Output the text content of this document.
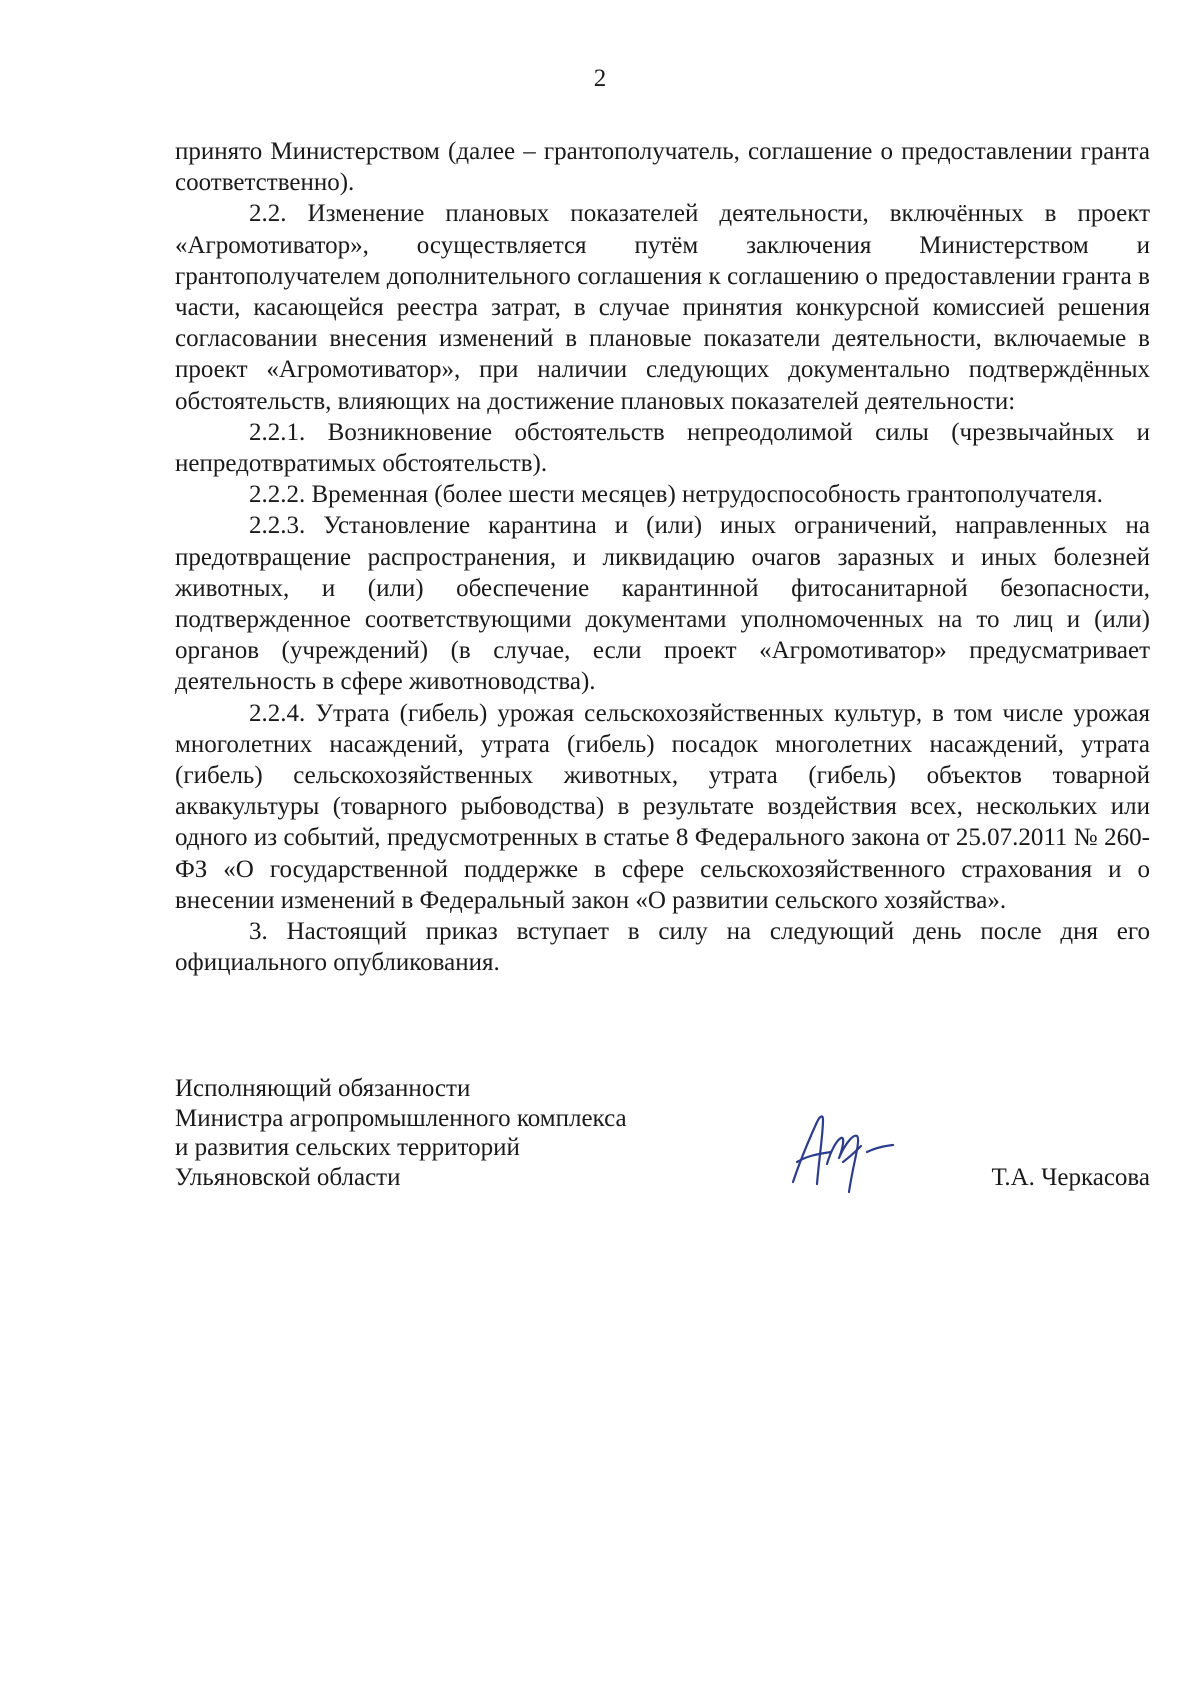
2

принято Министерством (далее – грантополучатель, соглашение о предоставлении гранта соответственно).

2.2. Изменение плановых показателей деятельности, включённых в проект «Агромотиватор», осуществляется путём заключения Министерством и грантополучателем дополнительного соглашения к соглашению о предоставлении гранта в части, касающейся реестра затрат, в случае принятия конкурсной комиссией решения согласовании внесения изменений в плановые показатели деятельности, включаемые в проект «Агромотиватор», при наличии следующих документально подтверждённых обстоятельств, влияющих на достижение плановых показателей деятельности:

2.2.1. Возникновение обстоятельств непреодолимой силы (чрезвычайных и непредотвратимых обстоятельств).

2.2.2. Временная (более шести месяцев) нетрудоспособность грантополучателя.

2.2.3. Установление карантина и (или) иных ограничений, направленных на предотвращение распространения, и ликвидацию очагов заразных и иных болезней животных, и (или) обеспечение карантинной фитосанитарной безопасности, подтвержденное соответствующими документами уполномоченных на то лиц и (или) органов (учреждений) (в случае, если проект «Агромотиватор» предусматривает деятельность в сфере животноводства).

2.2.4. Утрата (гибель) урожая сельскохозяйственных культур, в том числе урожая многолетних насаждений, утрата (гибель) посадок многолетних насаждений, утрата (гибель) сельскохозяйственных животных, утрата (гибель) объектов товарной аквакультуры (товарного рыбоводства) в результате воздействия всех, нескольких или одного из событий, предусмотренных в статье 8 Федерального закона от 25.07.2011 № 260-ФЗ «О государственной поддержке в сфере сельскохозяйственного страхования и о внесении изменений в Федеральный закон «О развитии сельского хозяйства».

3. Настоящий приказ вступает в силу на следующий день после дня его официального опубликования.

Исполняющий обязанности
Министра агропромышленного комплекса
и развития сельских территорий
Ульяновской области	Т.А. Черкасова
